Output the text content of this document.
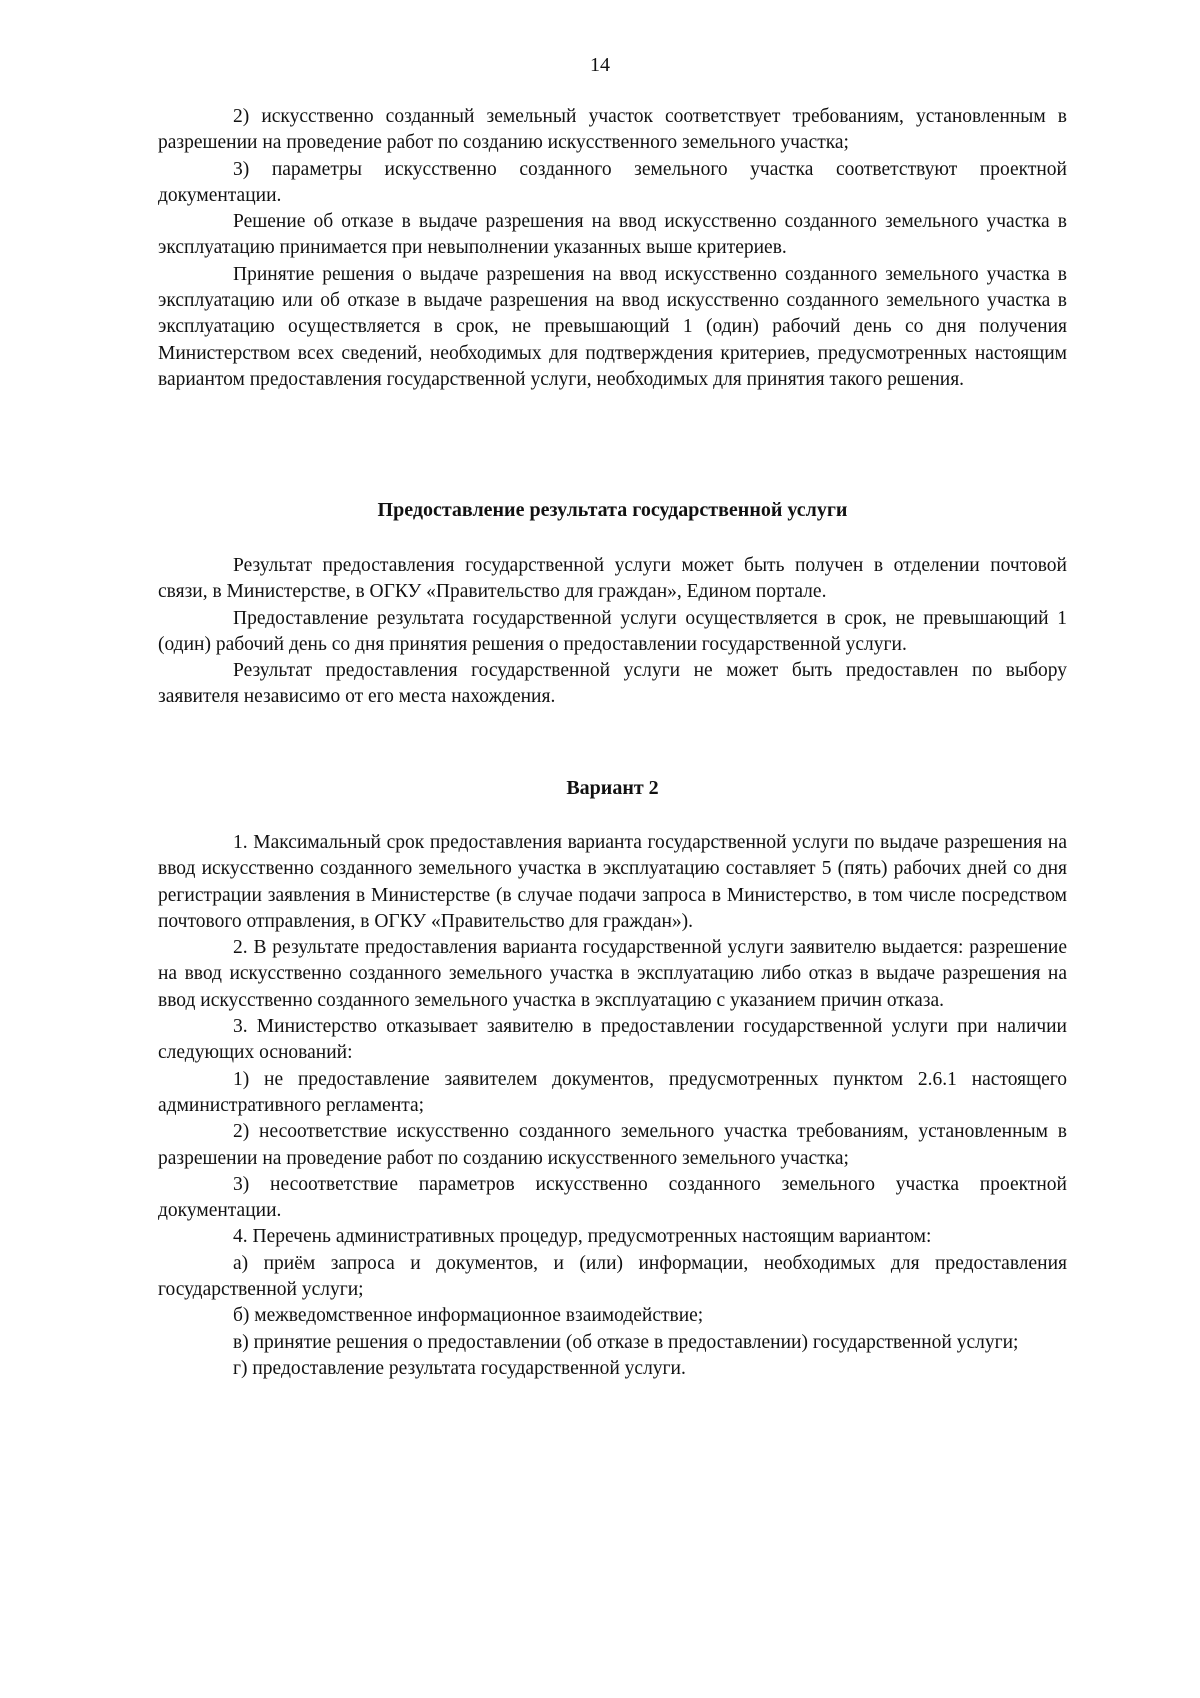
14

2) искусственно созданный земельный участок соответствует требованиям, установленным в разрешении на проведение работ по созданию искусственного земельного участка;

3) параметры искусственно созданного земельного участка соответствуют проектной документации.

Решение об отказе в выдаче разрешения на ввод искусственно созданного земельного участка в эксплуатацию принимается при невыполнении указанных выше критериев.

Принятие решения о выдаче разрешения на ввод искусственно созданного земельного участка в эксплуатацию или об отказе в выдаче разрешения на ввод искусственно созданного земельного участка в эксплуатацию осуществляется в срок, не превышающий 1 (один) рабочий день со дня получения Министерством всех сведений, необходимых для подтверждения критериев, предусмотренных настоящим вариантом предоставления государственной услуги, необходимых для принятия такого решения.

Предоставление результата государственной услуги

Результат предоставления государственной услуги может быть получен в отделении почтовой связи, в Министерстве, в ОГКУ «Правительство для граждан», Едином портале.

Предоставление результата государственной услуги осуществляется в срок, не превышающий 1 (один) рабочий день со дня принятия решения о предоставлении государственной услуги.

Результат предоставления государственной услуги не может быть предоставлен по выбору заявителя независимо от его места нахождения.

Вариант 2

1. Максимальный срок предоставления варианта государственной услуги по выдаче разрешения на ввод искусственно созданного земельного участка в эксплуатацию составляет 5 (пять) рабочих дней со дня регистрации заявления в Министерстве (в случае подачи запроса в Министерство, в том числе посредством почтового отправления, в ОГКУ «Правительство для граждан»).

2. В результате предоставления варианта государственной услуги заявителю выдается: разрешение на ввод искусственно созданного земельного участка в эксплуатацию либо отказ в выдаче разрешения на ввод искусственно созданного земельного участка в эксплуатацию с указанием причин отказа.

3. Министерство отказывает заявителю в предоставлении государственной услуги при наличии следующих оснований:

1) не предоставление заявителем документов, предусмотренных пунктом 2.6.1 настоящего административного регламента;

2) несоответствие искусственно созданного земельного участка требованиям, установленным в разрешении на проведение работ по созданию искусственного земельного участка;

3) несоответствие параметров искусственно созданного земельного участка проектной документации.

4. Перечень административных процедур, предусмотренных настоящим вариантом:

а) приём запроса и документов, и (или) информации, необходимых для предоставления государственной услуги;

б) межведомственное информационное взаимодействие;

в) принятие решения о предоставлении (об отказе в предоставлении) государственной услуги;

г) предоставление результата государственной услуги.
